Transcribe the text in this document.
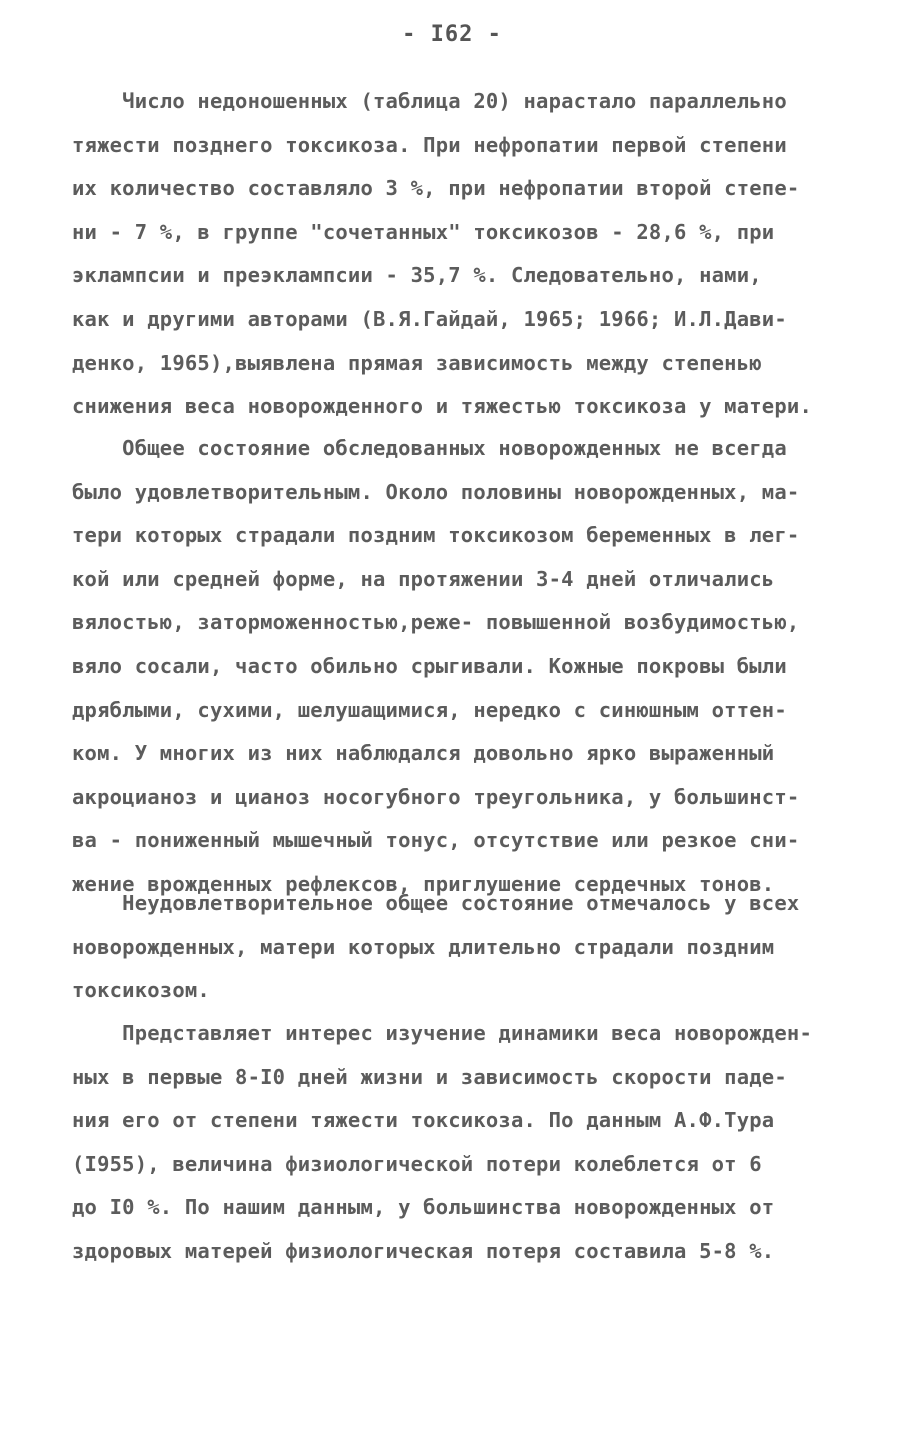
- I62 -
Число недоношенных (таблица 20) нарастало параллельно
тяжести позднего токсикоза. При нефропатии первой степени
их количество составляло 3 %, при нефропатии второй степе-
ни - 7 %, в группе "сочетанных" токсикозов - 28,6 %, при
эклампсии и преэклампсии - 35,7 %. Следовательно, нами,
как и другими авторами (В.Я.Гайдай, 1965; 1966; И.Л.Дави-
денко, 1965),выявлена прямая зависимость между степенью
снижения веса новорожденного и тяжестью токсикоза у матери.
Общее состояние обследованных новорожденных не всегда
было удовлетворительным. Около половины новорожденных, ма-
тери которых страдали поздним токсикозом беременных в лег-
кой или средней форме, на протяжении 3-4 дней отличались
вялостью, заторможенностью,реже- повышенной возбудимостью,
вяло сосали, часто обильно срыгивали. Кожные покровы были
дряблыми, сухими, шелушащимися, нередко с синюшным оттен-
ком. У многих из них наблюдался довольно ярко выраженный
акроцианоз и цианоз носогубного треугольника, у большинст-
ва - пониженный мышечный тонус, отсутствие или резкое сни-
жение врожденных рефлексов, приглушение сердечных тонов.
Неудовлетворительное общее состояние отмечалось у всех
новорожденных, матери которых длительно страдали поздним
токсикозом.
Представляет интерес изучение динамики веса новорожден-
ных в первые 8-I0 дней жизни и зависимость скорости паде-
ния его от степени тяжести токсикоза. По данным А.Ф.Тура
(I955), величина физиологической потери колеблется от 6
до I0 %. По нашим данным, у большинства новорожденных от
здоровых матерей физиологическая потеря составила 5-8 %.
